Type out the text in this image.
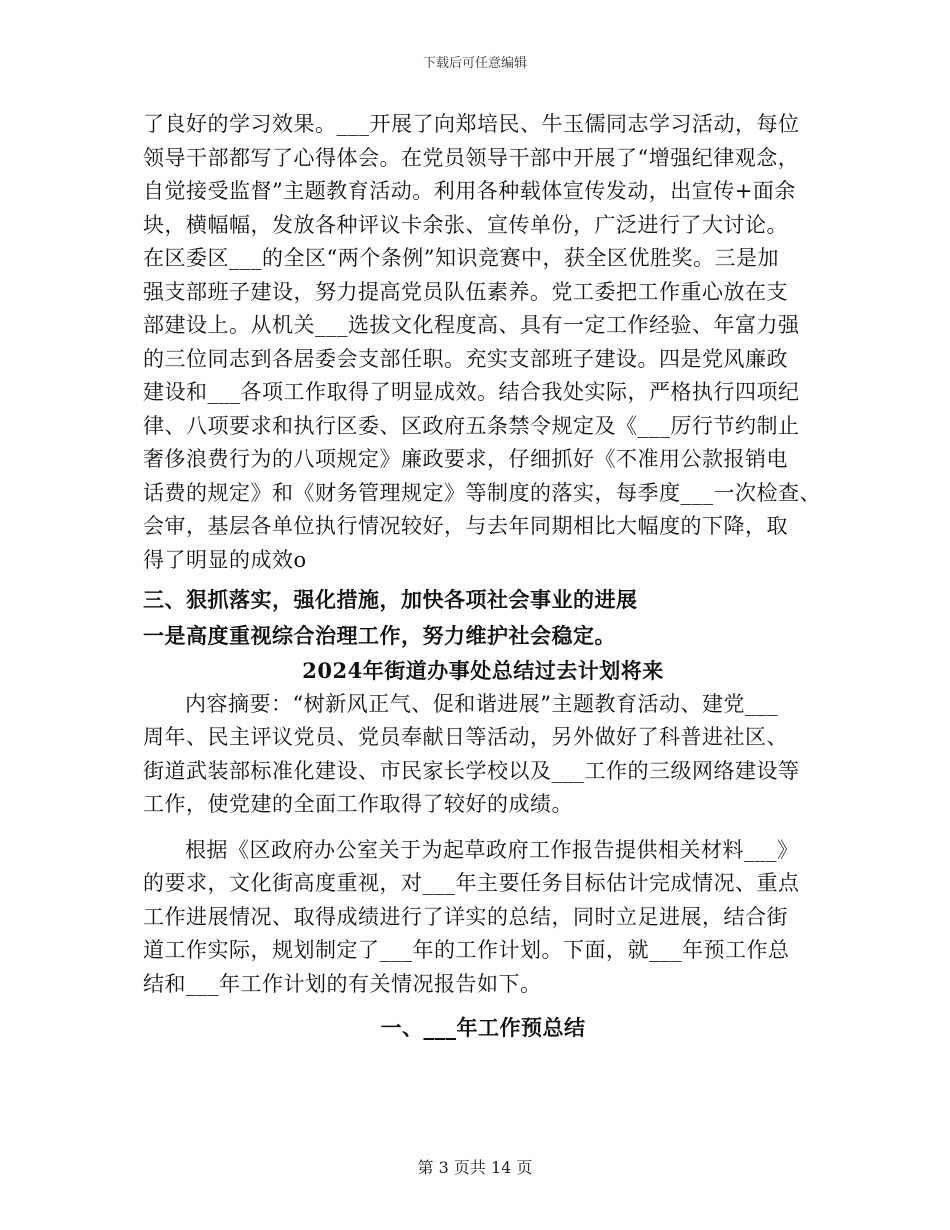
下载后可任意编辑
了良好的学习效果。___开展了向郑培民、牛玉儒同志学习活动，每位
领导干部都写了心得体会。在党员领导干部中开展了“增强纪律观念，
自觉接受监督”主题教育活动。利用各种载体宣传发动，出宣传+面余
块，横幅幅，发放各种评议卡余张、宣传单份，广泛进行了大讨论。
在区委区___的全区“两个条例”知识竞赛中，获全区优胜奖。三是加
强支部班子建设，努力提高党员队伍素养。党工委把工作重心放在支
部建设上。从机关___选拔文化程度高、具有一定工作经验、年富力强
的三位同志到各居委会支部任职。充实支部班子建设。四是党风廉政
建设和___各项工作取得了明显成效。结合我处实际，严格执行四项纪
律、八项要求和执行区委、区政府五条禁令规定及《___厉行节约制止
奢侈浪费行为的八项规定》廉政要求，仔细抓好《不准用公款报销电
话费的规定》和《财务管理规定》等制度的落实，每季度___一次检查、
会审，基层各单位执行情况较好，与去年同期相比大幅度的下降，取
得了明显的成效o
三、狠抓落实，强化措施，加快各项社会事业的进展
一是高度重视综合治理工作，努力维护社会稳定。
2024年街道办事处总结过去计划将来
内容摘要：“树新风正气、促和谐进展”主题教育活动、建党___
周年、民主评议党员、党员奉献日等活动，另外做好了科普进社区、
街道武装部标准化建设、市民家长学校以及___工作的三级网络建设等
工作，使党建的全面工作取得了较好的成绩。
根据《区政府办公室关于为起草政府工作报告提供相关材料___》
的要求，文化街高度重视，对___年主要任务目标估计完成情况、重点
工作进展情况、取得成绩进行了详实的总结，同时立足进展，结合街
道工作实际，规划制定了___年的工作计划。下面，就___年预工作总
结和___年工作计划的有关情况报告如下。
一、___年工作预总结
第 3 页共 14 页
